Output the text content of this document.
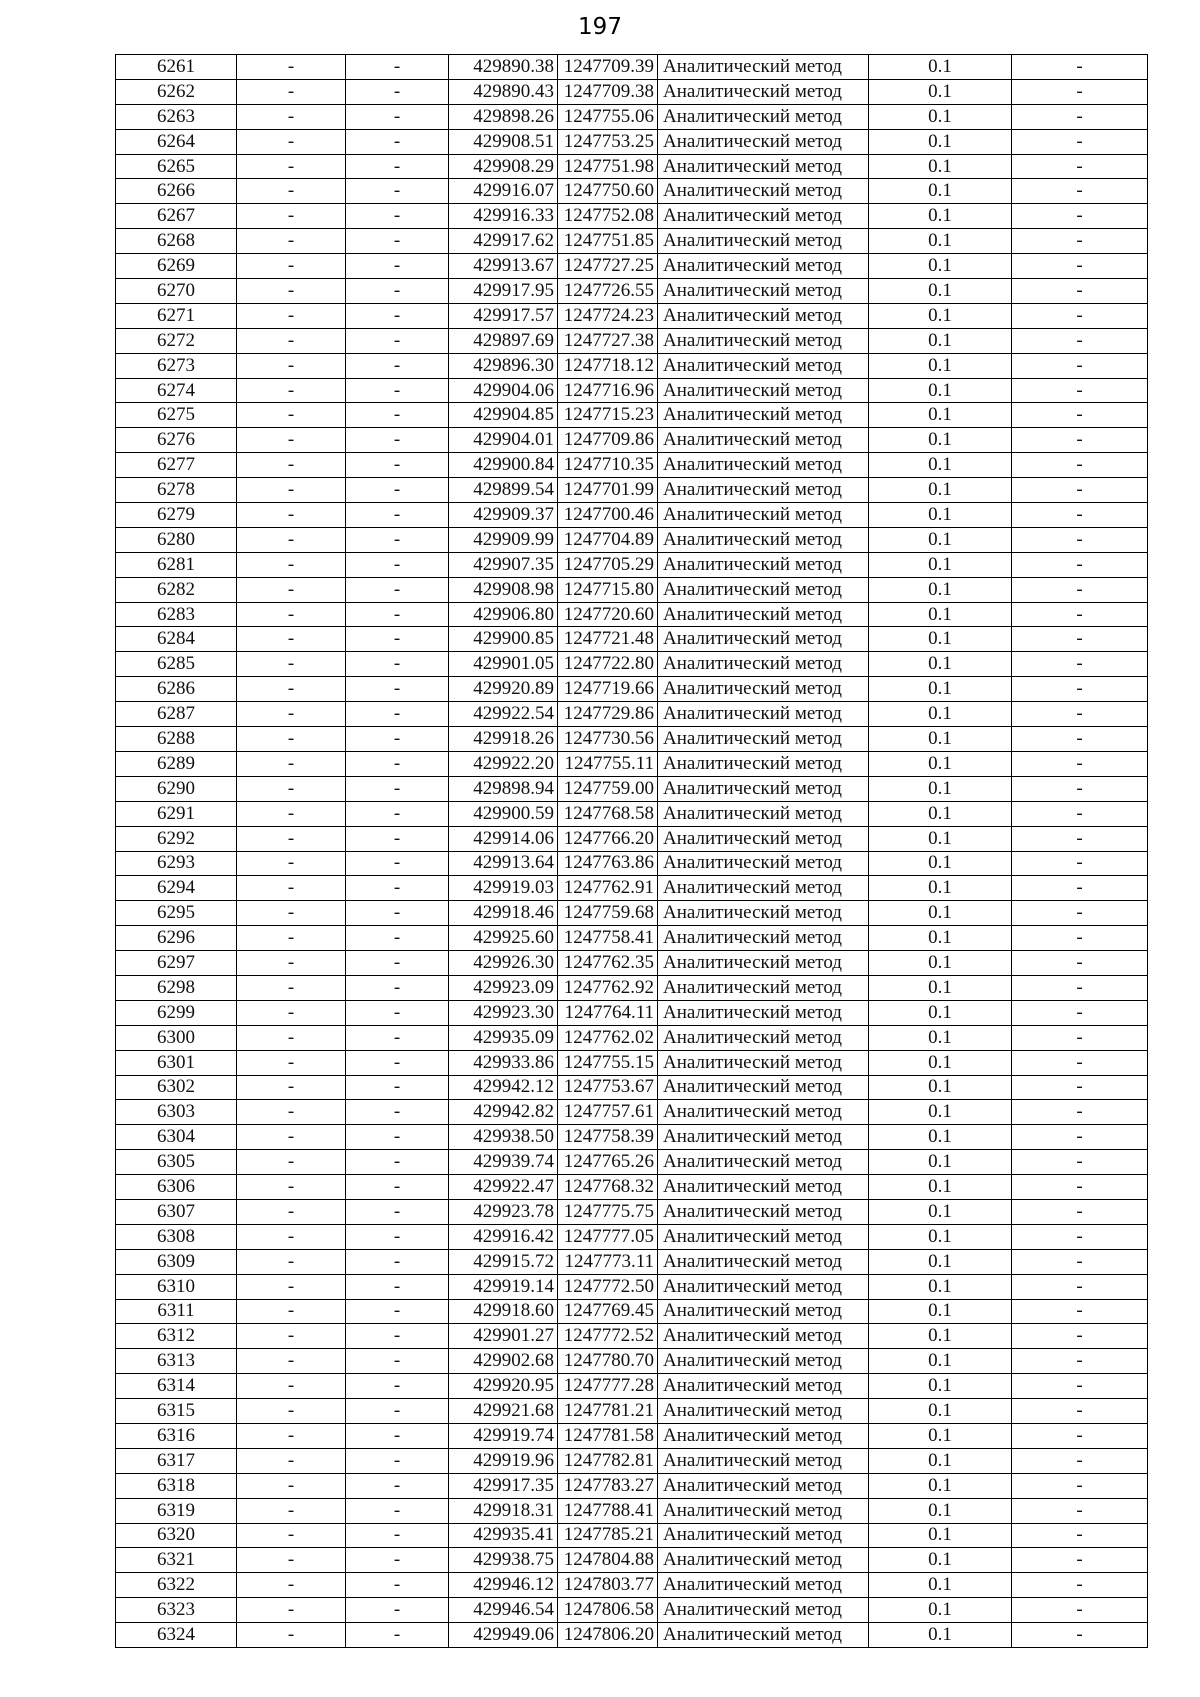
197
6261	-	-	429890.38	1247709.39	Аналитический метод	0.1	-
6262	-	-	429890.43	1247709.38	Аналитический метод	0.1	-
6263	-	-	429898.26	1247755.06	Аналитический метод	0.1	-
6264	-	-	429908.51	1247753.25	Аналитический метод	0.1	-
6265	-	-	429908.29	1247751.98	Аналитический метод	0.1	-
6266	-	-	429916.07	1247750.60	Аналитический метод	0.1	-
6267	-	-	429916.33	1247752.08	Аналитический метод	0.1	-
6268	-	-	429917.62	1247751.85	Аналитический метод	0.1	-
6269	-	-	429913.67	1247727.25	Аналитический метод	0.1	-
6270	-	-	429917.95	1247726.55	Аналитический метод	0.1	-
6271	-	-	429917.57	1247724.23	Аналитический метод	0.1	-
6272	-	-	429897.69	1247727.38	Аналитический метод	0.1	-
6273	-	-	429896.30	1247718.12	Аналитический метод	0.1	-
6274	-	-	429904.06	1247716.96	Аналитический метод	0.1	-
6275	-	-	429904.85	1247715.23	Аналитический метод	0.1	-
6276	-	-	429904.01	1247709.86	Аналитический метод	0.1	-
6277	-	-	429900.84	1247710.35	Аналитический метод	0.1	-
6278	-	-	429899.54	1247701.99	Аналитический метод	0.1	-
6279	-	-	429909.37	1247700.46	Аналитический метод	0.1	-
6280	-	-	429909.99	1247704.89	Аналитический метод	0.1	-
6281	-	-	429907.35	1247705.29	Аналитический метод	0.1	-
6282	-	-	429908.98	1247715.80	Аналитический метод	0.1	-
6283	-	-	429906.80	1247720.60	Аналитический метод	0.1	-
6284	-	-	429900.85	1247721.48	Аналитический метод	0.1	-
6285	-	-	429901.05	1247722.80	Аналитический метод	0.1	-
6286	-	-	429920.89	1247719.66	Аналитический метод	0.1	-
6287	-	-	429922.54	1247729.86	Аналитический метод	0.1	-
6288	-	-	429918.26	1247730.56	Аналитический метод	0.1	-
6289	-	-	429922.20	1247755.11	Аналитический метод	0.1	-
6290	-	-	429898.94	1247759.00	Аналитический метод	0.1	-
6291	-	-	429900.59	1247768.58	Аналитический метод	0.1	-
6292	-	-	429914.06	1247766.20	Аналитический метод	0.1	-
6293	-	-	429913.64	1247763.86	Аналитический метод	0.1	-
6294	-	-	429919.03	1247762.91	Аналитический метод	0.1	-
6295	-	-	429918.46	1247759.68	Аналитический метод	0.1	-
6296	-	-	429925.60	1247758.41	Аналитический метод	0.1	-
6297	-	-	429926.30	1247762.35	Аналитический метод	0.1	-
6298	-	-	429923.09	1247762.92	Аналитический метод	0.1	-
6299	-	-	429923.30	1247764.11	Аналитический метод	0.1	-
6300	-	-	429935.09	1247762.02	Аналитический метод	0.1	-
6301	-	-	429933.86	1247755.15	Аналитический метод	0.1	-
6302	-	-	429942.12	1247753.67	Аналитический метод	0.1	-
6303	-	-	429942.82	1247757.61	Аналитический метод	0.1	-
6304	-	-	429938.50	1247758.39	Аналитический метод	0.1	-
6305	-	-	429939.74	1247765.26	Аналитический метод	0.1	-
6306	-	-	429922.47	1247768.32	Аналитический метод	0.1	-
6307	-	-	429923.78	1247775.75	Аналитический метод	0.1	-
6308	-	-	429916.42	1247777.05	Аналитический метод	0.1	-
6309	-	-	429915.72	1247773.11	Аналитический метод	0.1	-
6310	-	-	429919.14	1247772.50	Аналитический метод	0.1	-
6311	-	-	429918.60	1247769.45	Аналитический метод	0.1	-
6312	-	-	429901.27	1247772.52	Аналитический метод	0.1	-
6313	-	-	429902.68	1247780.70	Аналитический метод	0.1	-
6314	-	-	429920.95	1247777.28	Аналитический метод	0.1	-
6315	-	-	429921.68	1247781.21	Аналитический метод	0.1	-
6316	-	-	429919.74	1247781.58	Аналитический метод	0.1	-
6317	-	-	429919.96	1247782.81	Аналитический метод	0.1	-
6318	-	-	429917.35	1247783.27	Аналитический метод	0.1	-
6319	-	-	429918.31	1247788.41	Аналитический метод	0.1	-
6320	-	-	429935.41	1247785.21	Аналитический метод	0.1	-
6321	-	-	429938.75	1247804.88	Аналитический метод	0.1	-
6322	-	-	429946.12	1247803.77	Аналитический метод	0.1	-
6323	-	-	429946.54	1247806.58	Аналитический метод	0.1	-
6324	-	-	429949.06	1247806.20	Аналитический метод	0.1	-
